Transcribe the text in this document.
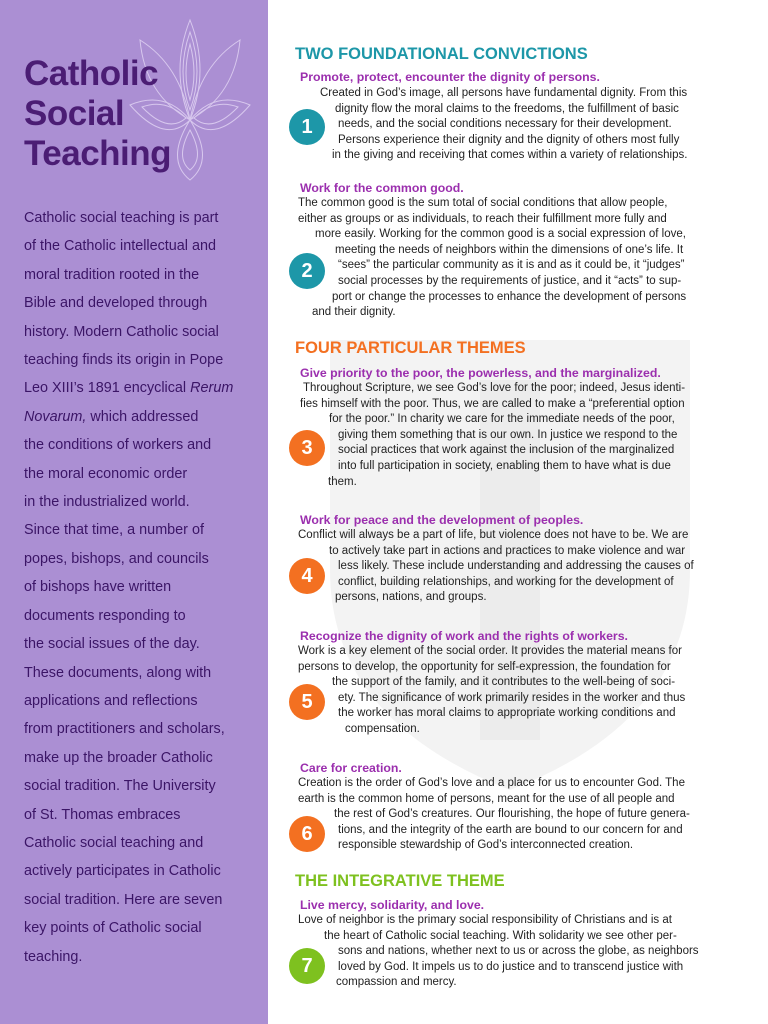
Catholic
Social
Teaching

Catholic social teaching is part

of the Catholic intellectual and

moral tradition rooted in the

Bible and developed through

history. Modern Catholic social

teaching finds its origin in Pope

Leo XIII’s 1891 encyclical Rerum

Novarum, which addressed

the conditions of workers and

the moral economic order

in the industrialized world.

Since that time, a number of

popes, bishops, and councils

of bishops have written

documents responding to

the social issues of the day.

These documents, along with

applications and reflections

from practitioners and scholars,

make up the broader Catholic

social tradition. The University

of St. Thomas embraces

Catholic social teaching and

actively participates in Catholic

social tradition. Here are seven

key points of Catholic social

teaching.

TWO FOUNDATIONAL CONVICTIONS
Promote, protect, encounter the dignity of persons.
1
Created in God’s image, all persons have fundamental dignity. From this
dignity flow the moral claims to the freedoms, the fulfillment of basic
needs, and the social conditions necessary for their development.
Persons experience their dignity and the dignity of others most fully
in the giving and receiving that comes within a variety of relationships.
Work for the common good.
2
The common good is the sum total of social conditions that allow people,
either as groups or as individuals, to reach their fulfillment more fully and
more easily. Working for the common good is a social expression of love,
meeting the needs of neighbors within the dimensions of one’s life. It
“sees” the particular community as it is and as it could be, it “judges”
social processes by the requirements of justice, and it “acts” to sup-
port or change the processes to enhance the development of persons
and their dignity.
FOUR PARTICULAR THEMES
Give priority to the poor, the powerless, and the marginalized.
3
Throughout Scripture, we see God’s love for the poor; indeed, Jesus identi-
fies himself with the poor. Thus, we are called to make a “preferential option
for the poor.” In charity we care for the immediate needs of the poor,
giving them something that is our own. In justice we respond to the
social practices that work against the inclusion of the marginalized
into full participation in society, enabling them to have what is due
them.
Work for peace and the development of peoples.
4
Conflict will always be a part of life, but violence does not have to be. We are
to actively take part in actions and practices to make violence and war
less likely. These include understanding and addressing the causes of
conflict, building relationships, and working for the development of
persons, nations, and groups.
Recognize the dignity of work and the rights of workers.
5
Work is a key element of the social order. It provides the material means for
persons to develop, the opportunity for self-expression, the foundation for
the support of the family, and it contributes to the well-being of soci-
ety. The significance of work primarily resides in the worker and thus
the worker has moral claims to appropriate working conditions and
compensation.
Care for creation.
6
Creation is the order of God’s love and a place for us to encounter God. The
earth is the common home of persons, meant for the use of all people and
the rest of God’s creatures. Our flourishing, the hope of future genera-
tions, and the integrity of the earth are bound to our concern for and
responsible stewardship of God’s interconnected creation.
THE INTEGRATIVE THEME
Live mercy, solidarity, and love.
7
Love of neighbor is the primary social responsibility of Christians and is at
the heart of Catholic social teaching. With solidarity we see other per-
sons and nations, whether next to us or across the globe, as neighbors
loved by God. It impels us to do justice and to transcend justice with
compassion and mercy.
